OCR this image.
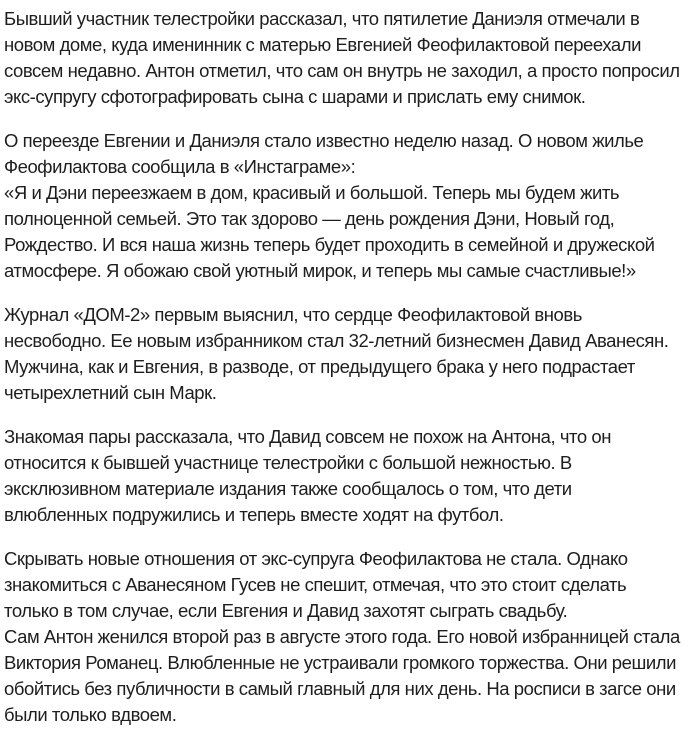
Бывший участник телестройки рассказал, что пятилетие Даниэля отмечали в
новом доме, куда именинник с матерью Евгенией Феофилактовой переехали
совсем недавно. Антон отметил, что сам он внутрь не заходил, а просто попросил
экс-супругу сфотографировать сына с шарами и прислать ему снимок.
О переезде Евгении и Даниэля стало известно неделю назад. О новом жилье
Феофилактова сообщила в «Инстаграме»:
«Я и Дэни переезжаем в дом, красивый и большой. Теперь мы будем жить
полноценной семьей. Это так здорово — день рождения Дэни, Новый год,
Рождество. И вся наша жизнь теперь будет проходить в семейной и дружеской
атмосфере. Я обожаю свой уютный мирок, и теперь мы самые счастливые!»
Журнал «ДОМ-2» первым выяснил, что сердце Феофилактовой вновь
несвободно. Ее новым избранником стал 32-летний бизнесмен Давид Аванесян.
Мужчина, как и Евгения, в разводе, от предыдущего брака у него подрастает
четырехлетний сын Марк.
Знакомая пары рассказала, что Давид совсем не похож на Антона, что он
относится к бывшей участнице телестройки с большой нежностью. В
эксклюзивном материале издания также сообщалось о том, что дети
влюбленных подружились и теперь вместе ходят на футбол.
Скрывать новые отношения от экс-супруга Феофилактова не стала. Однако
знакомиться с Аванесяном Гусев не спешит, отмечая, что это стоит сделать
только в том случае, если Евгения и Давид захотят сыграть свадьбу.
Сам Антон женился второй раз в августе этого года. Его новой избранницей стала
Виктория Романец. Влюбленные не устраивали громкого торжества. Они решили
обойтись без публичности в самый главный для них день. На росписи в загсе они
были только вдвоем.
